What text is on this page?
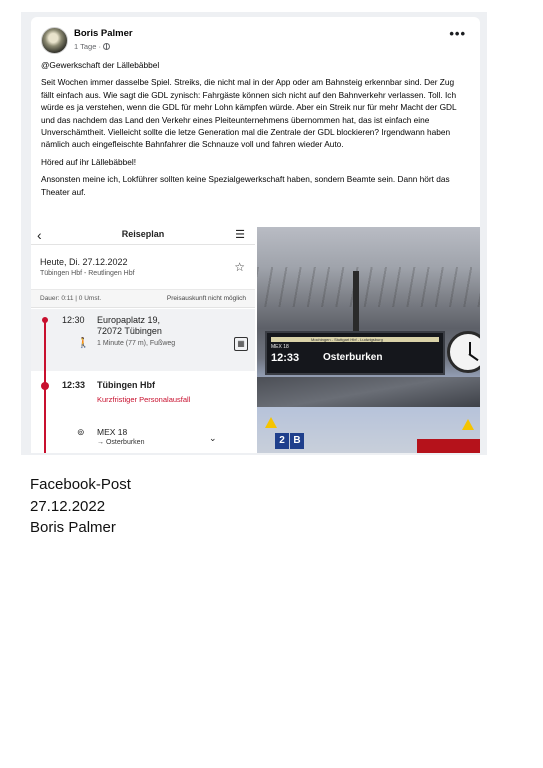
Boris Palmer
1 Tage ·
•••

@Gewerkschaft der Lällebäbbel

Seit Wochen immer dasselbe Spiel. Streiks, die nicht mal in der App oder am Bahnsteig erkennbar sind. Der Zug fällt einfach aus. Wie sagt die GDL zynisch: Fahrgäste können sich nicht auf den Bahnverkehr verlassen. Toll. Ich würde es ja verstehen, wenn die GDL für mehr Lohn kämpfen würde. Aber ein Streik nur für mehr Macht der GDL und das nachdem das Land den Verkehr eines Pleiteunternehmens übernommen hat, das ist einfach eine Unverschämtheit. Vielleicht sollte die letze Generation mal die Zentrale der GDL blockieren? Irgendwann haben nämlich auch eingefleischte Bahnfahrer die Schnauze voll und fahren wieder Auto.

Höred auf ihr Lällebäbbel!

Ansonsten meine ich, Lokführer sollten keine Spezialgewerkschaft haben, sondern Beamte sein. Dann hört das Theater auf.

‹	Reiseplan	☰
Heute, Di. 27.12.2022
Tübingen Hbf - Reutlingen Hbf	☆
Dauer: 0:11 | 0 Umst.	Preisauskunft nicht möglich
12:30 Europaplatz 19,
72072 Tübingen
🚶 1 Minute (77 m), Fußweg	▦
12:33 Tübingen Hbf
Kurzfristiger Personalausfall
⊚ MEX 18
→ Osterburken	⌄
Mochingen - Stuttgart Hbf - Ludwigsburg
MEX 18
12:33 Osterburken
2 B
Facebook-Post
27.12.2022
Boris Palmer
